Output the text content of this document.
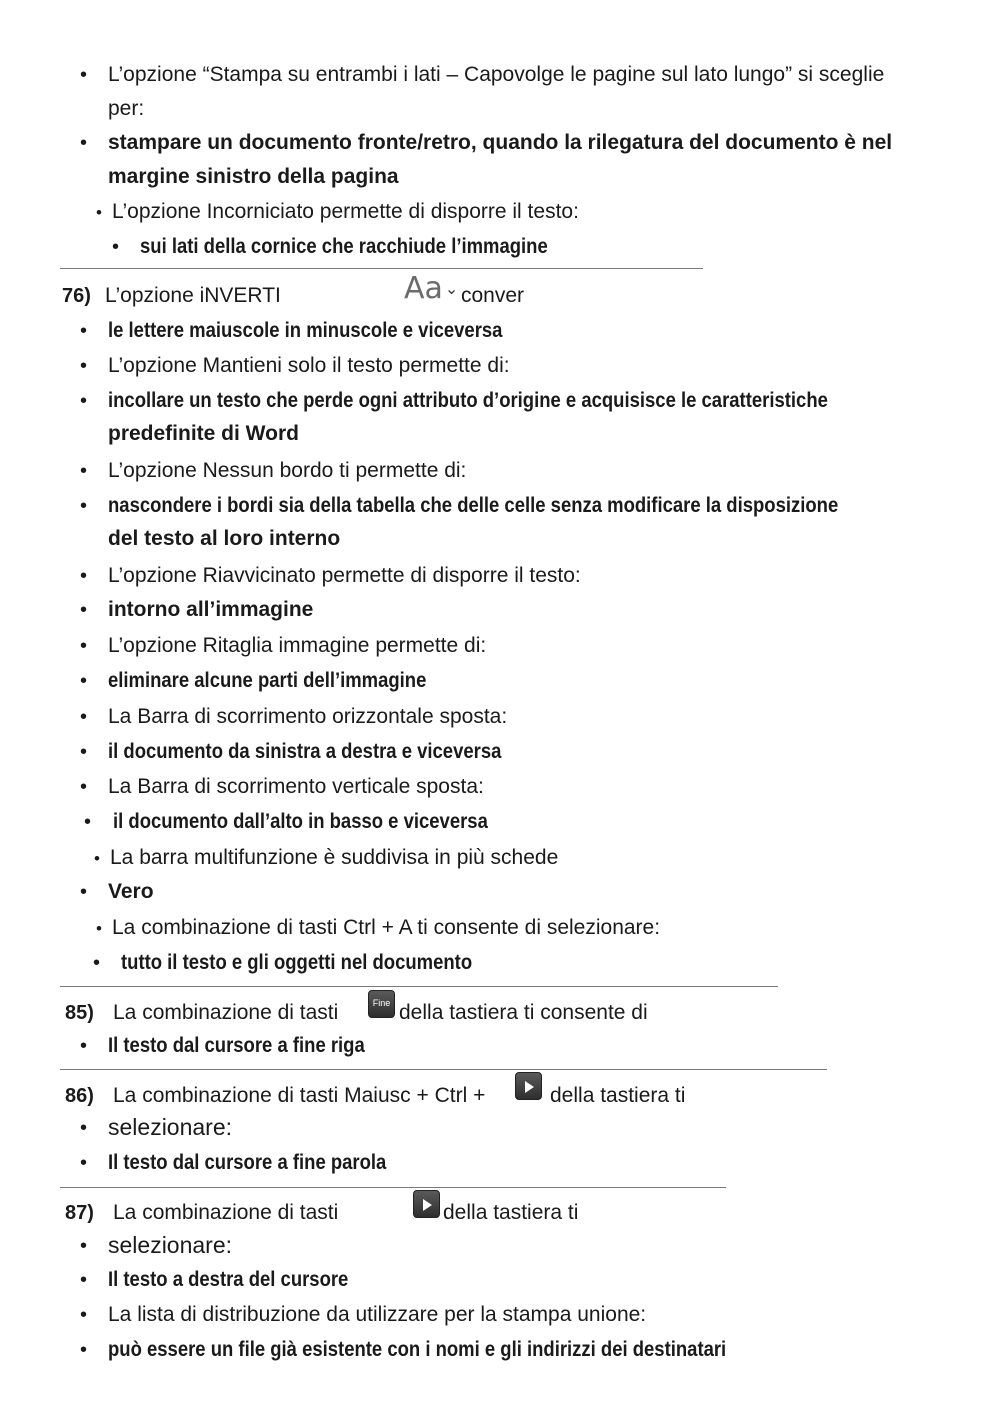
• L’opzione “Stampa su entrambi i lati – Capovolge le pagine sul lato lungo” si sceglie
per:
• stampare un documento fronte/retro, quando la rilegatura del documento è nel
margine sinistro della pagina
• L’opzione Incorniciato permette di disporre il testo:
• sui lati della cornice che racchiude l’immagine
76) L’opzione iNVERTI	Aa ⌄ conver
• le lettere maiuscole in minuscole e viceversa
• L’opzione Mantieni solo il testo permette di:
• incollare un testo che perde ogni attributo d’origine e acquisisce le caratteristiche
predefinite di Word
• L’opzione Nessun bordo ti permette di:
• nascondere i bordi sia della tabella che delle celle senza modificare la disposizione
del testo al loro interno
• L’opzione Riavvicinato permette di disporre il testo:
• intorno all’immagine
• L’opzione Ritaglia immagine permette di:
• eliminare alcune parti dell’immagine
• La Barra di scorrimento orizzontale sposta:
• il documento da sinistra a destra e viceversa
• La Barra di scorrimento verticale sposta:
• il documento dall’alto in basso e viceversa
• La barra multifunzione è suddivisa in più schede
• Vero
• La combinazione di tasti Ctrl + A ti consente di selezionare:
• tutto il testo e gli oggetti nel documento
85) La combinazione di tasti	Fine della tastiera ti consente di
• Il testo dal cursore a fine riga
86) La combinazione di tasti Maiusc + Ctrl +	della tastiera ti
• selezionare:
• Il testo dal cursore a fine parola
87) La combinazione di tasti	della tastiera ti
• selezionare:
• Il testo a destra del cursore
• La lista di distribuzione da utilizzare per la stampa unione:
• può essere un file già esistente con i nomi e gli indirizzi dei destinatari
